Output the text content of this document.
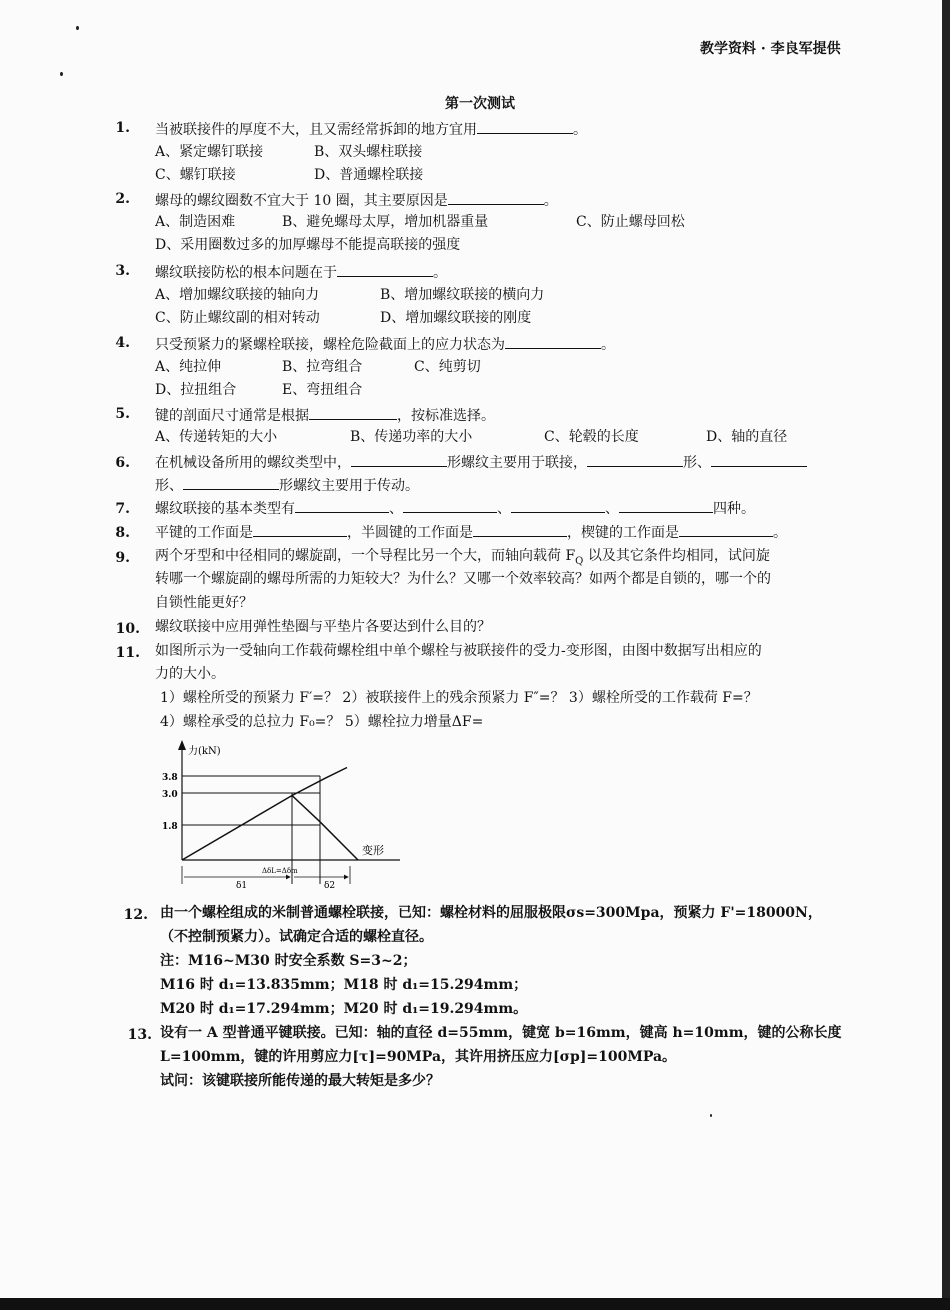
教学资料 · 李良军提供
第一次测试
1. 当被联接件的厚度不大，且又需经常拆卸的地方宜用	。
A、紧定螺钉联接	B、双头螺柱联接
C、螺钉联接	D、普通螺栓联接
2. 螺母的螺纹圈数不宜大于 10 圈，其主要原因是	。
A、制造困难	B、避免螺母太厚，增加机器重量	C、防止螺母回松
D、采用圈数过多的加厚螺母不能提高联接的强度
3. 螺纹联接防松的根本问题在于	。
A、增加螺纹联接的轴向力	B、增加螺纹联接的横向力
C、防止螺纹副的相对转动	D、增加螺纹联接的刚度
4. 只受预紧力的紧螺栓联接，螺栓危险截面上的应力状态为	。
A、纯拉伸	B、拉弯组合	C、纯剪切
D、拉扭组合	E、弯扭组合
5. 键的剖面尺寸通常是根据	，按标准选择。
A、传递转矩的大小	B、传递功率的大小	C、轮毂的长度	D、轴的直径
6. 在机械设备所用的螺纹类型中，	形螺纹主要用于联接，	形、
形、	形螺纹主要用于传动。
7. 螺纹联接的基本类型有	、	、	、	四种。
8. 平键的工作面是	，半圆键的工作面是	，楔键的工作面是	。
9. 两个牙型和中径相同的螺旋副，一个导程比另一个大，而轴向载荷 $F_Q$ 以及其它条件均相同，试问旋
转哪一个螺旋副的螺母所需的力矩较大？为什么？又哪一个效率较高？如两个都是自锁的，哪一个的
自锁性能更好？
10. 螺纹联接中应用弹性垫圈与平垫片各要达到什么目的？
11. 如图所示为一受轴向工作载荷螺栓组中单个螺栓与被联接件的受力-变形图，由图中数据写出相应的
力的大小。
1）螺栓所受的预紧力 F′=？ 2）被联接件上的残余预紧力 F″=？ 3）螺栓所受的工作载荷 F=？
4）螺栓承受的总拉力 F₀=？ 5）螺栓拉力增量ΔF=
力(kN)
变形
3.8
3.0
1.8
ΔδL=Δδm
δ1	δ2
12. 由一个螺栓组成的米制普通螺栓联接，已知：螺栓材料的屈服极限σs=300Mpa，预紧力 F'=18000N，
（不控制预紧力）。试确定合适的螺栓直径。
注：M16~M30 时安全系数 S=3~2；
M16 时 d₁=13.835mm；M18 时 d₁=15.294mm；
M20 时 d₁=17.294mm；M20 时 d₁=19.294mm。
13. 设有一 A 型普通平键联接。已知：轴的直径 d=55mm，键宽 b=16mm，键高 h=10mm，键的公称长度
L=100mm，键的许用剪应力[τ]=90MPa，其许用挤压应力[σp]=100MPa。
试问：该键联接所能传递的最大转矩是多少？
